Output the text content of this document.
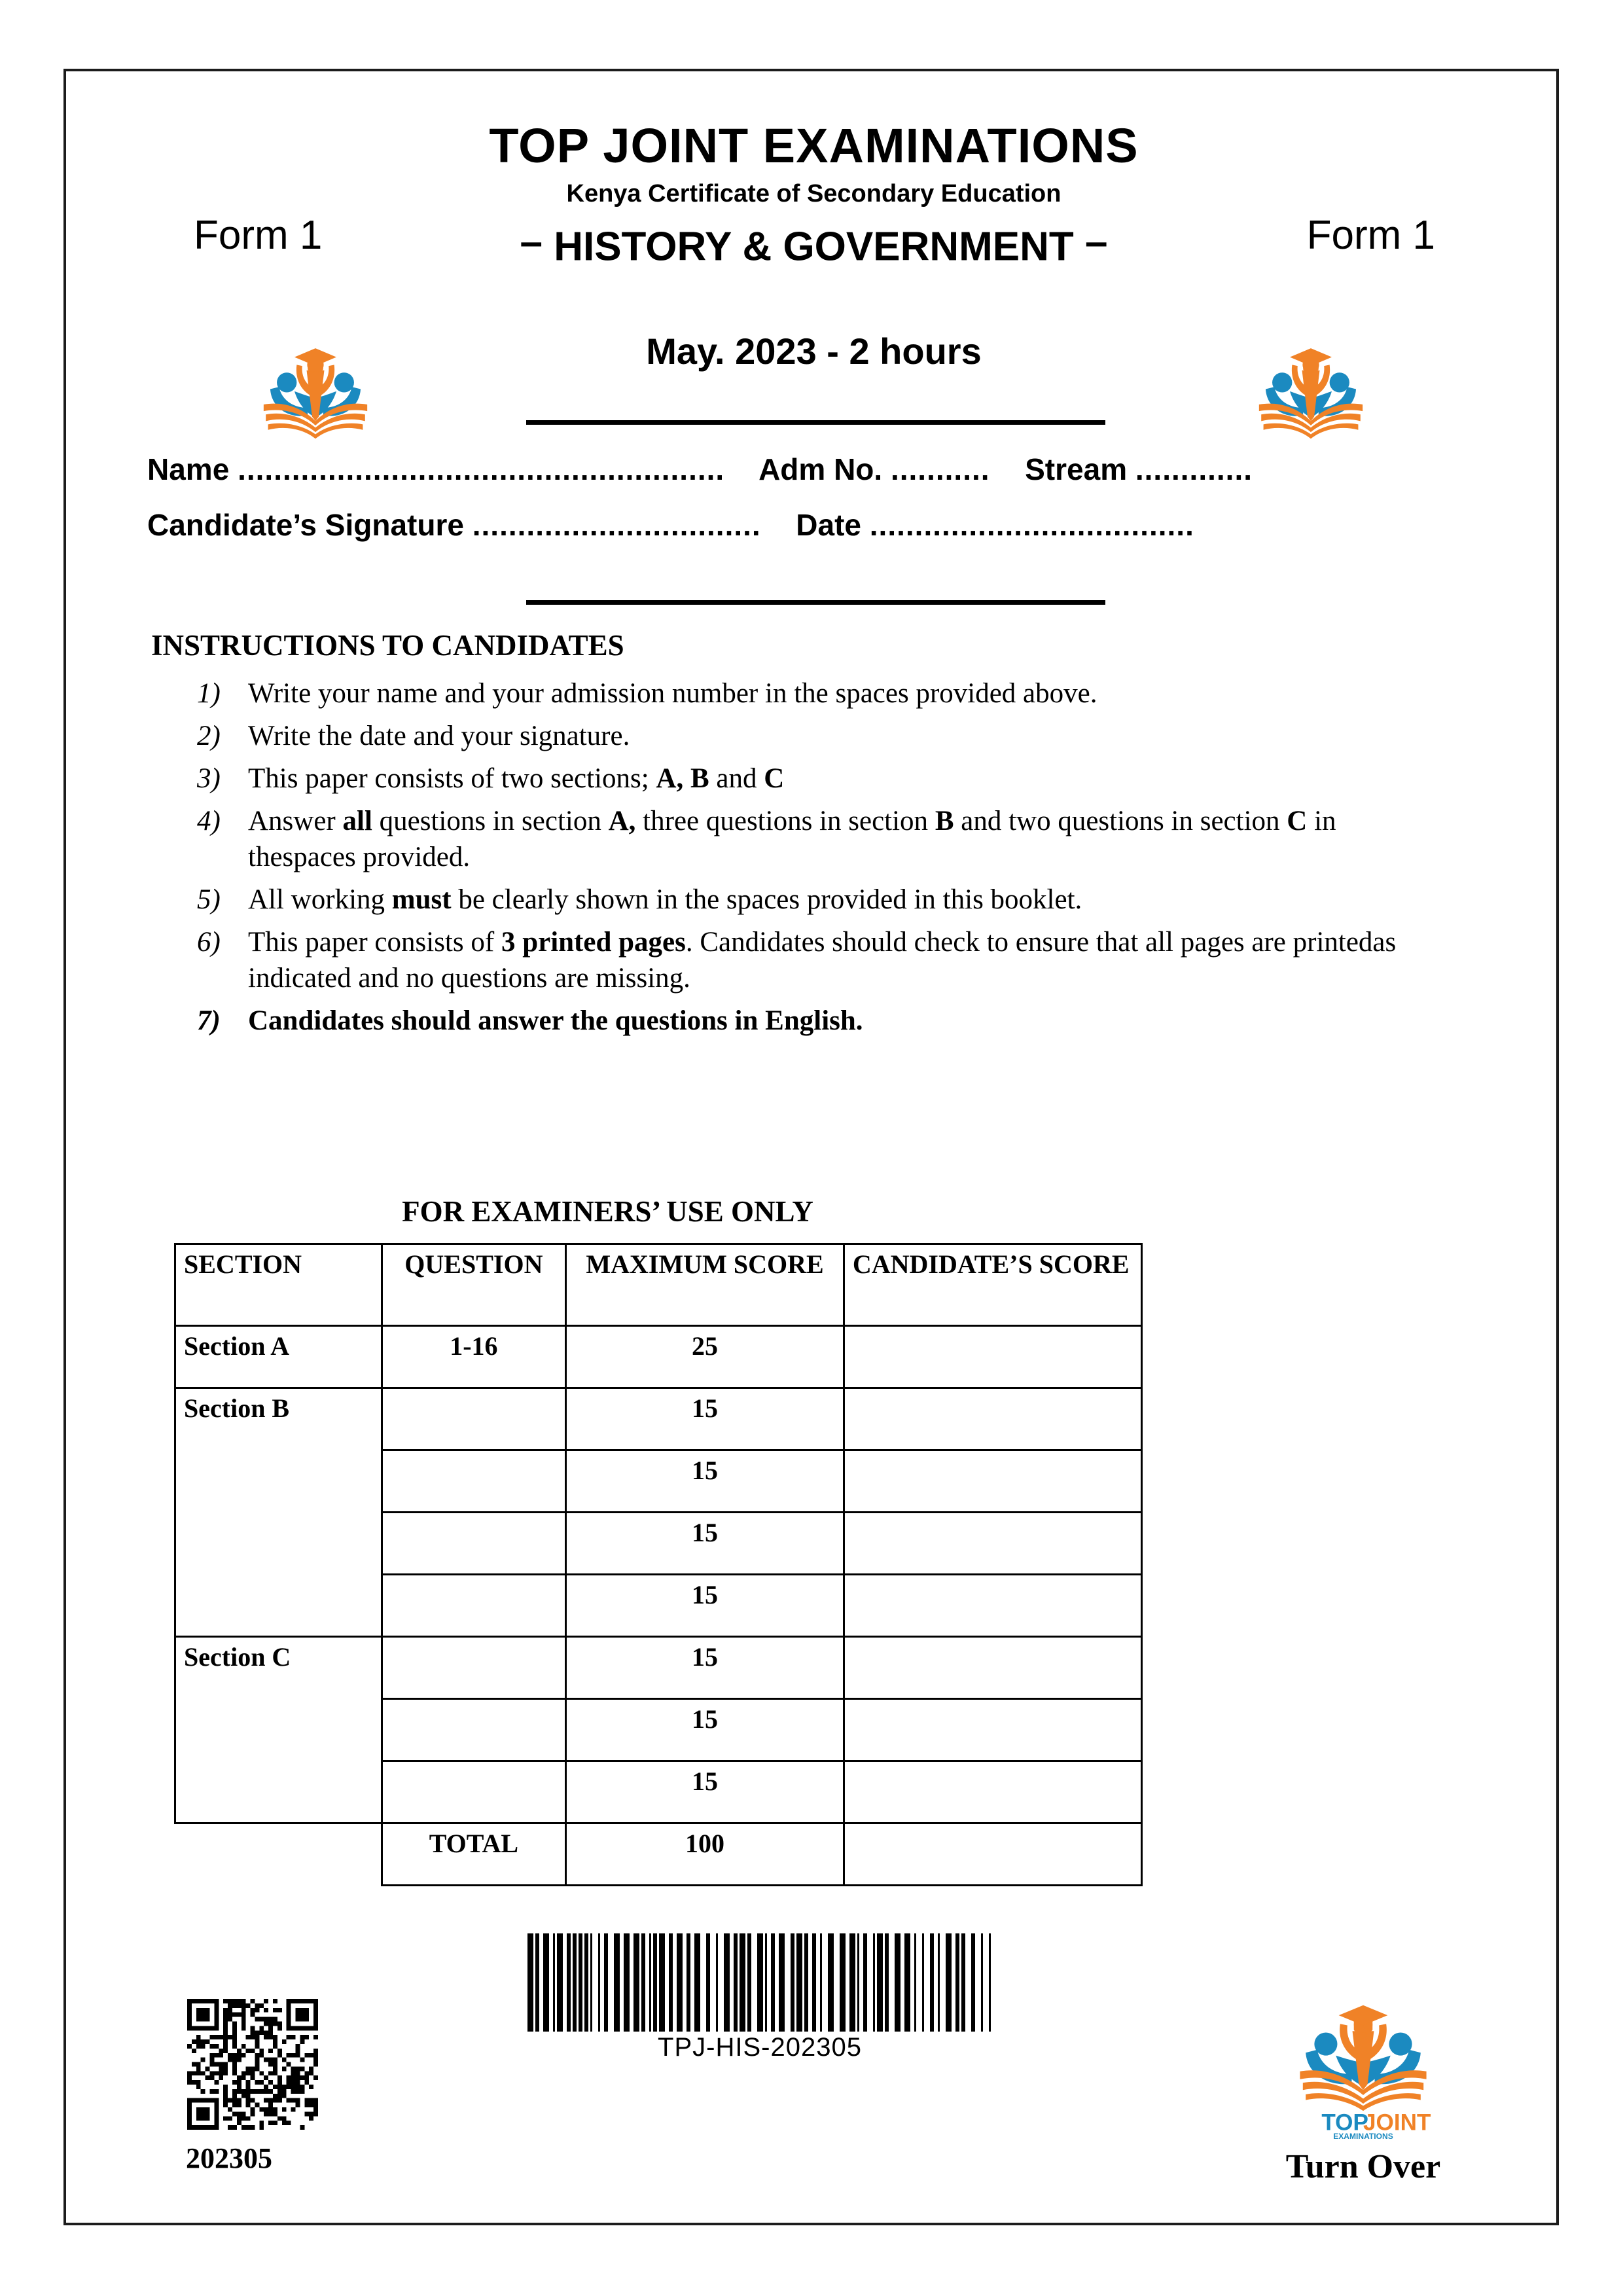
TOP JOINT EXAMINATIONS
Kenya Certificate of Secondary Education
– HISTORY & GOVERNMENT –
Form 1	Form 1
May. 2023 - 2 hours
Name ...................................................... Adm No. ........... Stream .............
Candidate’s Signature ................................ Date ....................................
INSTRUCTIONS TO CANDIDATES
1) Write your name and your admission number in the spaces provided above.
2) Write the date and your signature.
3) This paper consists of two sections; A, B and C
4) Answer all questions in section A, three questions in section B and two questions in section C in thespaces provided.
5) All working must be clearly shown in the spaces provided in this booklet.
6) This paper consists of 3 printed pages. Candidates should check to ensure that all pages are printedas indicated and no questions are missing.
7) Candidates should answer the questions in English.
FOR EXAMINERS’ USE ONLY
SECTION	QUESTION	MAXIMUM SCORE	CANDIDATE’S SCORE
Section A	1-16	25	
Section B		15	
		15	
		15	
		15	
Section C		15	
		15	
		15	
	TOTAL	100	
TPJ-HIS-202305
202305
TOP
JOINT
EXAMINATIONS
Turn Over
